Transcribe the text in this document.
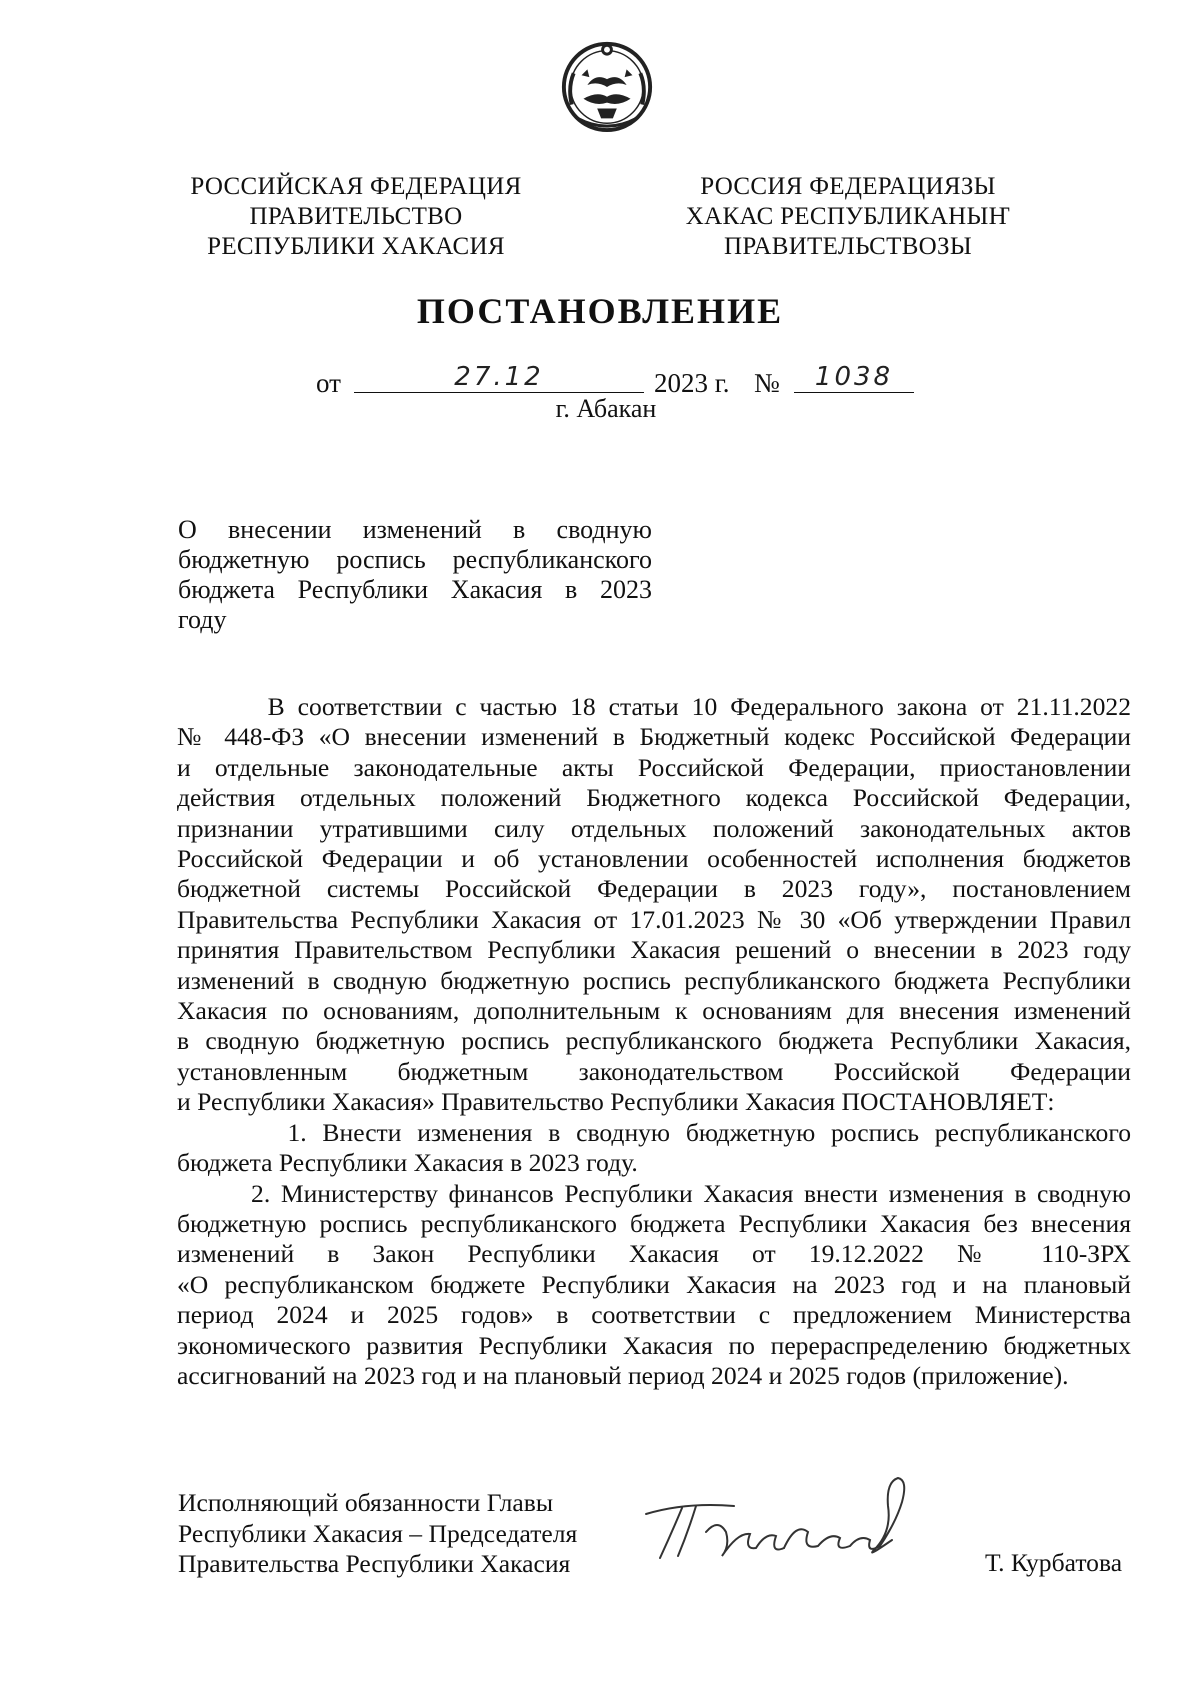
РОССИЙСКАЯ ФЕДЕРАЦИЯ
ПРАВИТЕЛЬСТВО
РЕСПУБЛИКИ ХАКАСИЯ
РОССИЯ ФЕДЕРАЦИЯЗЫ
ХАКАС РЕСПУБЛИКАНЫҤ
ПРАВИТЕЛЬСТВОЗЫ
ПОСТАНОВЛЕНИЕ
от	27.12	2023 г. №	1038
г. Абакан
О внесении изменений в сводную
бюджетную роспись республиканского
бюджета Республики Хакасия в 2023
году

В соответствии с частью 18 статьи 10 Федерального закона от 21.11.2022
№ 448-ФЗ «О внесении изменений в Бюджетный кодекс Российской Федерации
и отдельные законодательные акты Российской Федерации, приостановлении
действия отдельных положений Бюджетного кодекса Российской Федерации,
признании утратившими силу отдельных положений законодательных актов
Российской Федерации и об установлении особенностей исполнения бюджетов
бюджетной системы Российской Федерации в 2023 году», постановлением
Правительства Республики Хакасия от 17.01.2023 № 30 «Об утверждении Правил
принятия Правительством Республики Хакасия решений о внесении в 2023 году
изменений в сводную бюджетную роспись республиканского бюджета Республики
Хакасия по основаниям, дополнительным к основаниям для внесения изменений
в сводную бюджетную роспись республиканского бюджета Республики Хакасия,
установленным бюджетным законодательством Российской Федерации
и Республики Хакасия» Правительство Республики Хакасия ПОСТАНОВЛЯЕТ:

1. Внести изменения в сводную бюджетную роспись республиканского
бюджета Республики Хакасия в 2023 году.

2. Министерству финансов Республики Хакасия внести изменения в сводную
бюджетную роспись республиканского бюджета Республики Хакасия без внесения
изменений в Закон Республики Хакасия от 19.12.2022 № 110-ЗРХ
«О республиканском бюджете Республики Хакасия на 2023 год и на плановый
период 2024 и 2025 годов» в соответствии с предложением Министерства
экономического развития Республики Хакасия по перераспределению бюджетных
ассигнований на 2023 год и на плановый период 2024 и 2025 годов (приложение).

Исполняющий обязанности Главы
Республики Хакасия – Председателя
Правительства Республики Хакасия	Т. Курбатова
